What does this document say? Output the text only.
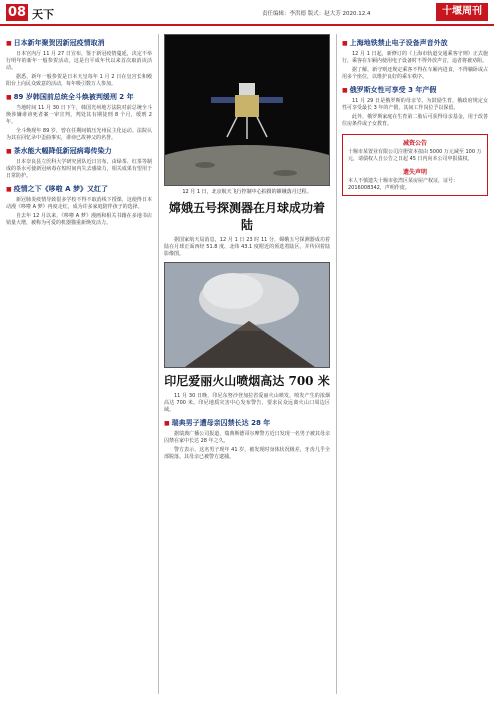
08 天下	责任编辑：李洪德 版式：赵大芳 2020.12.4	十堰周刊
■ 日本新年聚贺因新冠疫情取消

日本宫内厅 11 月 27 日宣布，鉴于新冠疫情蔓延，决定不举行明年的新年一般参贺活动。这是自平成年代以来首次取消该活动。

据悉，新年一般参贺是日本天皇每年 1 月 2 日在皇宫长和殿阳台上向民众致意的活动，每年吸引数万人参加。

■ 89 岁韩国前总统全斗焕被判缓刑 2 年

当地时间 11 月 30 日下午，韩国光州地方法院对前总统全斗焕涉嫌诽谤死者案一审宣判，判处其有期徒刑 8 个月，缓刑 2 年。

全斗焕现年 89 岁，曾在任期间镇压光州民主化运动。法院认为其在回忆录中歪曲事实，诽谤已故神父的名誉。

■ 茶水能大幅降低新冠病毒传染力

日本奈良县立医科大学研究团队近日宣布，由绿茶、红茶等制成的茶水可使新冠病毒在短时间内失去感染力，相关成果有望用于日常防护。

■ 疫情之下《哆啦 A 梦》又红了

新冠肺炎疫情导致很多学校不得不取消线下授课，这使得日本动漫《哆啦 A 梦》再度走红，成为许多家庭陪伴孩子的选择。

自去年 12 月以来，《哆啦 A 梦》漫画和相关书籍在多地书店销量大增，被称为可爱的机器猫重新焕发活力。

12 月 1 日，北京航天飞行控制中心拍摄的嫦娥落月过程。
嫦娥五号探测器在月球成功着陆

据国家航天局消息，12 月 1 日 23 时 11 分，嫦娥五号探测器成功着陆在月球正面西经 51.8 度、北纬 43.1 度附近的预选着陆区，并传回着陆影像图。

印尼爱丽火山喷烟高达 700 米

11 月 30 日晚，印尼东努沙登加拉省爱丽火山喷发，喷发产生的浓烟高达 700 米。印尼地质灾害中心发布警告，要求民众远离火山口周边区域。

■ 瑞典男子遭母亲囚禁长达 28 年

据瑞典广播公司报道，瑞典斯德哥尔摩警方近日发现一名男子被其母亲囚禁在家中长达 28 年之久。

警方表示，这名男子现年 41 岁，被发现时身体状况极差，牙齿几乎全部脱落。其母亲已被警方逮捕。

■ 上海地铁禁止电子设备声音外放

12 月 1 日起，新修订的《上海市轨道交通乘客守则》正式施行，乘客在车厢内使用电子设备时不得外放声音，违者将被劝阻。

据了解，新守则还规定乘客不得在车厢内进食，不得躺卧或占用多个座位，以维护良好的乘车秩序。

■ 俄罗斯女性可享受 3 年产假

11 月 29 日是俄罗斯的母亲节。为鼓励生育，俄政府规定女性可享受最长 3 年的产假，其间工作岗位予以保留。

此外，俄罗斯家庭在生育第二胎后可获得母亲基金，用于改善住房条件或子女教育。

减资公告
十堰市某置业有限公司注册资本拟由 5000 万元减至 100 万元，请债权人自公告之日起 45 日内向本公司申报债权。
遗失声明
本人不慎遗失十堰市张湾区某房屋产权证，证号：2016008342，声明作废。
